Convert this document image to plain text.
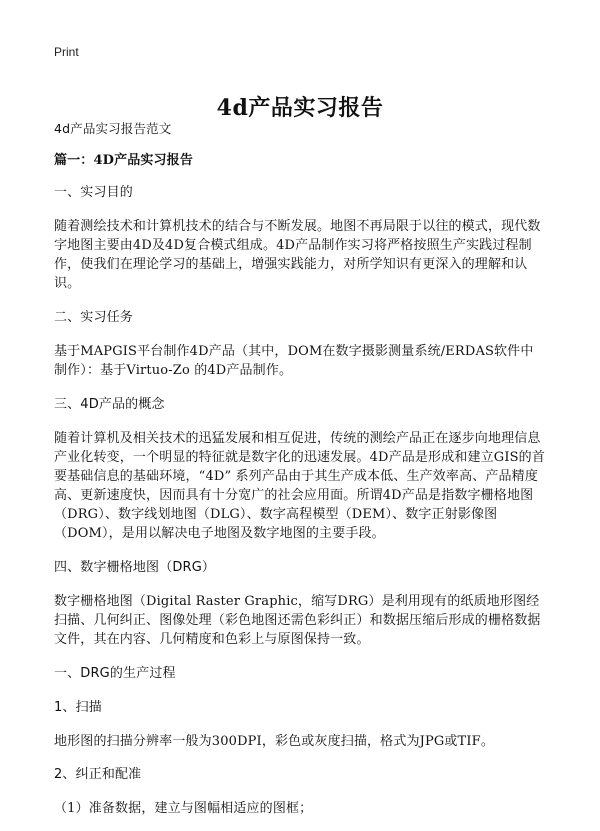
Print
4d产品实习报告

4d产品实习报告范文

篇一：4D产品实习报告

一、实习目的

随着测绘技术和计算机技术的结合与不断发展。地图不再局限于以往的模式，现代数字地图主要由4D及4D复合模式组成。4D产品制作实习将严格按照生产实践过程制作，使我们在理论学习的基础上，增强实践能力，对所学知识有更深入的理解和认识。

二、实习任务

基于MAPGIS平台制作4D产品（其中，DOM在数字摄影测量系统/ERDAS软件中制作）：基于Virtuo-Zo 的4D产品制作。

三、4D产品的概念

随着计算机及相关技术的迅猛发展和相互促进，传统的测绘产品正在逐步向地理信息产业化转变，一个明显的特征就是数字化的迅速发展。4D产品是形成和建立GIS的首要基础信息的基础环境，“4D” 系列产品由于其生产成本低、生产效率高、产品精度高、更新速度快，因而具有十分宽广的社会应用面。所谓4D产品是指数字栅格地图（DRG）、数字线划地图（DLG）、数字高程模型（DEM）、数字正射影像图（DOM），是用以解决电子地图及数字地图的主要手段。

四、数字栅格地图（DRG）

数字栅格地图（Digital Raster Graphic，缩写DRG）是利用现有的纸质地形图经扫描、几何纠正、图像处理（彩色地图还需色彩纠正）和数据压缩后形成的栅格数据文件，其在内容、几何精度和色彩上与原图保持一致。

一、DRG的生产过程

1、扫描

地形图的扫描分辨率一般为300DPI，彩色或灰度扫描，格式为JPG或TIF。

2、纠正和配准

（1）准备数据，建立与图幅相适应的图框；
